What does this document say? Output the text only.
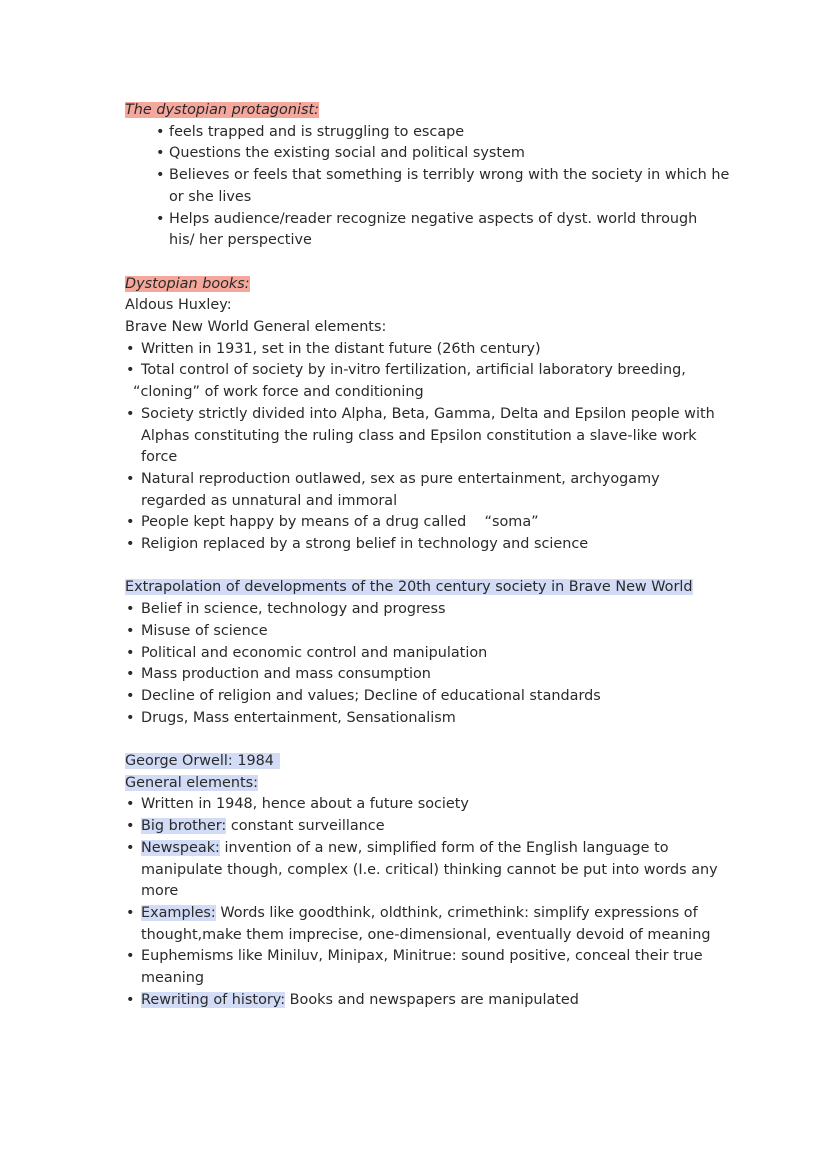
The dystopian protagonist:
• feels trapped and is struggling to escape
• Questions the existing social and political system
• Believes or feels that something is terribly wrong with the society in which he
or she lives
• Helps audience/reader recognize negative aspects of dyst. world through
his/ her perspective
Dystopian books:
Aldous Huxley:
Brave New World General elements:
• Written in 1931, set in the distant future (26th century)
• Total control of society by in-vitro fertilization, artificial laboratory breeding,
“cloning” of work force and conditioning
• Society strictly divided into Alpha, Beta, Gamma, Delta and Epsilon people with
Alphas constituting the ruling class and Epsilon constitution a slave-like work
force
• Natural reproduction outlawed, sex as pure entertainment, archyogamy
regarded as unnatural and immoral
• People kept happy by means of a drug called    “soma”
• Religion replaced by a strong belief in technology and science
Extrapolation of developments of the 20th century society in Brave New World
• Belief in science, technology and progress
• Misuse of science
• Political and economic control and manipulation
• Mass production and mass consumption
• Decline of religion and values; Decline of educational standards
• Drugs, Mass entertainment, Sensationalism
George Orwell: 1984
General elements:
• Written in 1948, hence about a future society
• Big brother: constant surveillance
• Newspeak: invention of a new, simplified form of the English language to
manipulate though, complex (I.e. critical) thinking cannot be put into words any
more
• Examples: Words like goodthink, oldthink, crimethink: simplify expressions of
thought,make them imprecise, one-dimensional, eventually devoid of meaning
• Euphemisms like Miniluv, Minipax, Minitrue: sound positive, conceal their true
meaning
• Rewriting of history: Books and newspapers are manipulated
